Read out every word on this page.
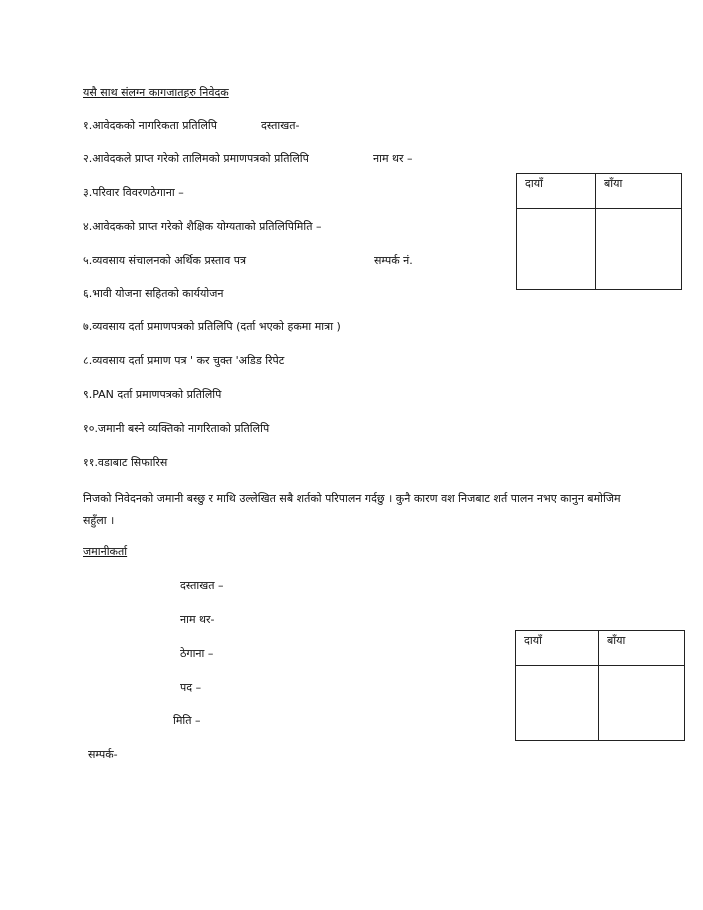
यसै साथ संलग्न कागजातहरु निवेदक
१.आवेदकको नागरिकता प्रतिलिपि	दस्ताखत-
२.आवेदकले प्राप्त गरेको तालिमको प्रमाणपत्रको प्रतिलिपि	नाम थर –
३.परिवार विवरणठेगाना –
दायाँ	बाँया

४.आवेदकको प्राप्त गरेको शैक्षिक योग्यताको प्रतिलिपिमिति –
५.व्यवसाय संचालनको अर्थिक प्रस्ताव पत्र	सम्पर्क नं.
६.भावी योजना सहितको कार्ययोजन
७.व्यवसाय दर्ता प्रमाणपत्रको प्रतिलिपि (दर्ता भएको हकमा मात्रा )
८.व्यवसाय दर्ता प्रमाण पत्र ' कर चुक्त 'अडिड रिपेट
९.PAN दर्ता प्रमाणपत्रको प्रतिलिपि
१०.जमानी बस्ने व्यक्तिको नागरिताको प्रतिलिपि
११.वडाबाट सिफारिस
निजको निवेदनको जमानी बस्छु र माथि उल्लेखित सबै शर्तको परिपालन गर्दछु । कुनै कारण वश निजबाट शर्त पालन नभए कानुन बमोजिम सहुँला ।
जमानीकर्ता
दस्ताखत –
नाम थर-
ठेगाना –
पद –
मिति –
दायाँ	बाँया

सम्पर्क-
